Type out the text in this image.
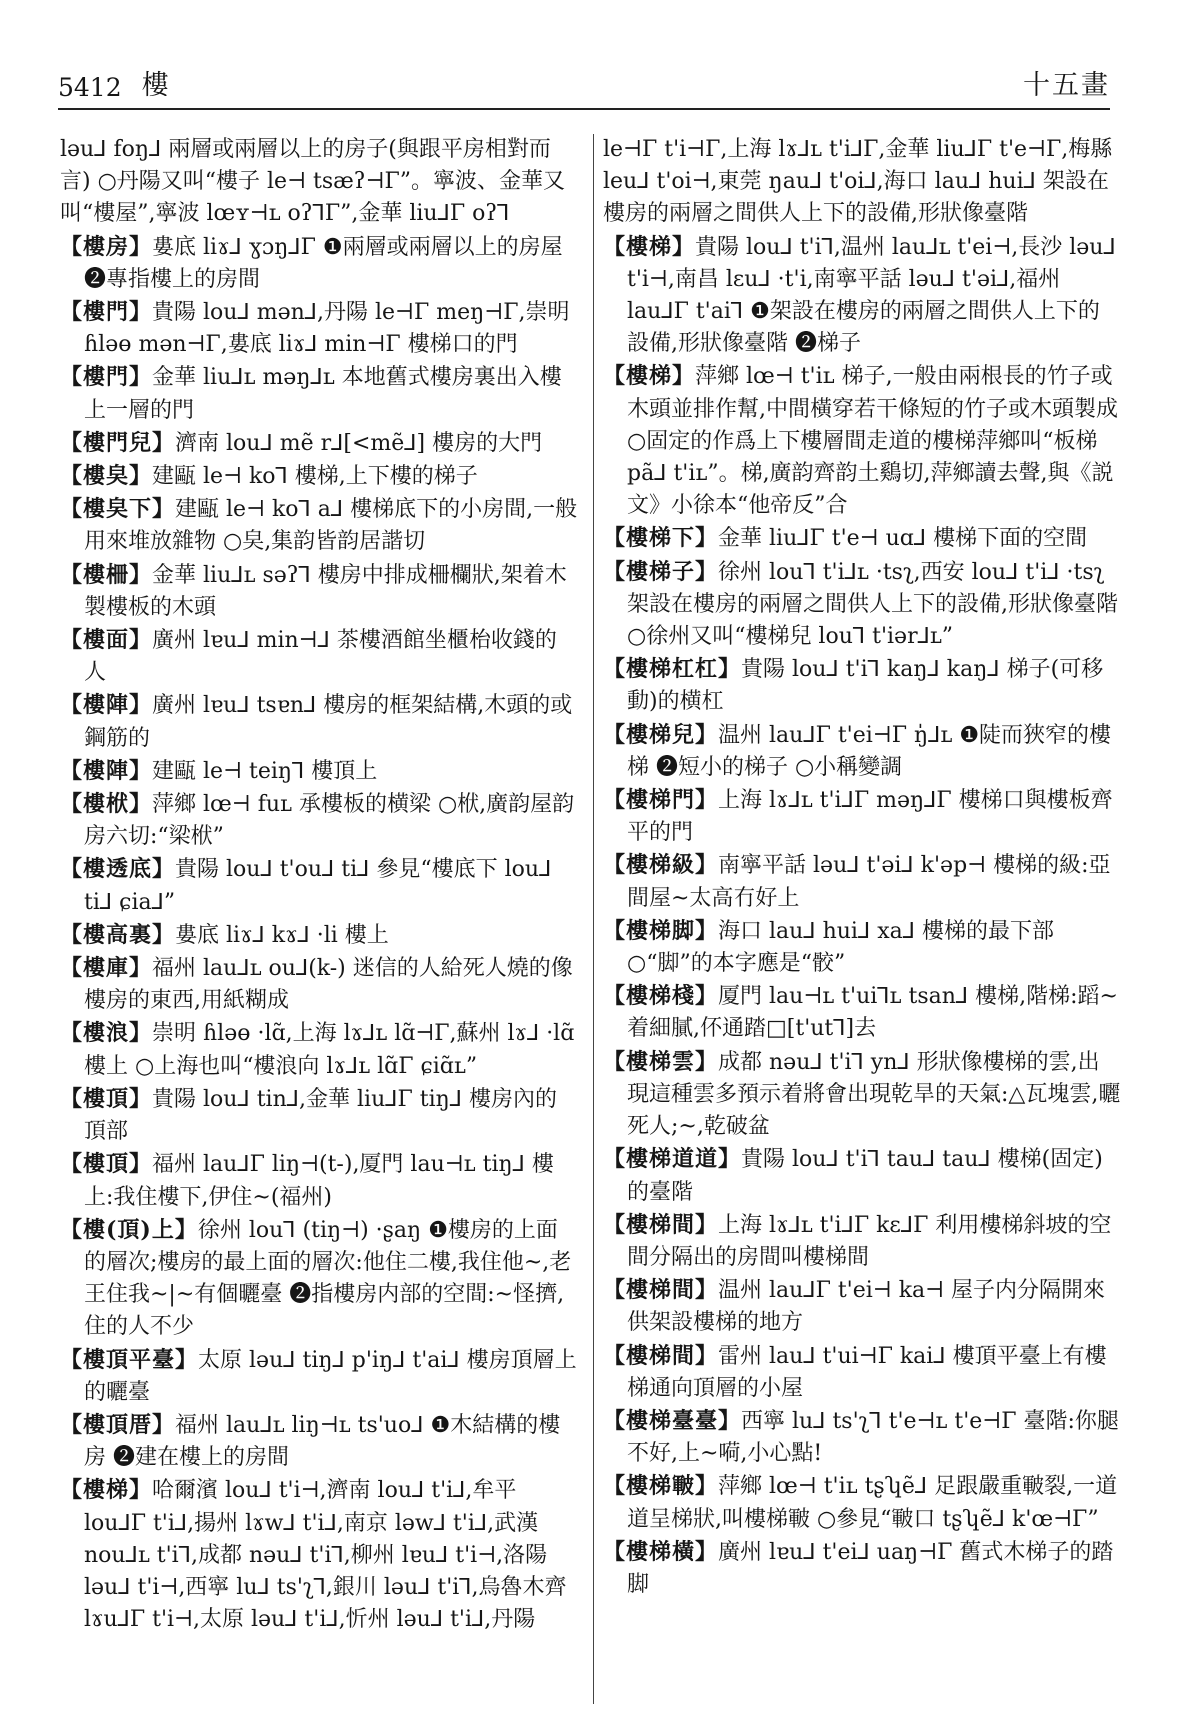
5412 樓	十五畫

ləu⅃ foŋ⅃ 兩層或兩層以上的房子(與跟平房相對而言) ○丹陽又叫“樓子 le⊣ tsæʔ⊣Γ”。寧波、金華又叫“樓屋”,寧波 lœʏ⊣ʟ oʔ⅂Γ”,金華 liu⅃Γ oʔ⅂

【樓房】婁底 liɤ⅃ ɣɔŋ⅃Γ ❶兩層或兩層以上的房屋 ❷專指樓上的房間

【樓門】貴陽 lou⅃ mən⅃,丹陽 le⊣Γ meŋ⊣Γ,崇明 ɦləɵ mən⊣Γ,婁底 liɤ⅃ min⊣Γ 樓梯口的門

【樓門】金華 liu⅃ʟ məŋ⅃ʟ 本地舊式樓房裏出入樓上一層的門

【樓門兒】濟南 lou⅃ mẽ r⅃[<mẽ⅃] 樓房的大門

【樓㚖】建甌 le⊣ ko⅂ 樓梯,上下樓的梯子

【樓㚖下】建甌 le⊣ ko⅂ a⅃ 樓梯底下的小房間,一般用來堆放雜物 ○㚖,集韵皆韵居諧切

【樓柵】金華 liu⅃ʟ səʔ⅂ 樓房中排成柵欄狀,架着木製樓板的木頭

【樓面】廣州 lɐu⅃ min⊣⅃ 茶樓酒館坐櫃枱收錢的人

【樓陣】廣州 lɐu⅃ tsɐn⅃ 樓房的框架結構,木頭的或鋼筋的

【樓陣】建甌 le⊣ teiŋ⅂ 樓頂上

【樓栿】萍鄉 lœ⊣ fuʟ 承樓板的横梁 ○栿,廣韵屋韵房六切:“梁栿”

【樓透底】貴陽 lou⅃ t'ou⅃ ti⅃ 參見“樓底下 lou⅃ ti⅃ ɕia⅃”

【樓高裏】婁底 liɤ⅃ kɤ⅃ ·li 樓上

【樓庫】福州 lau⅃ʟ ou⅃(k-) 迷信的人給死人燒的像樓房的東西,用紙糊成

【樓浪】崇明 ɦləɵ ·lɑ̃,上海 lɤ⅃ʟ lɑ̃⊣Γ,蘇州 lɤ⅃ ·lɑ̃ 樓上 ○上海也叫“樓浪向 lɤ⅃ʟ lɑ̃Γ ɕiɑ̃ʟ”

【樓頂】貴陽 lou⅃ tin⅃,金華 liu⅃Γ tiŋ⅃ 樓房內的頂部

【樓頂】福州 lau⅃Γ liŋ⊣(t-),厦門 lau⊣ʟ tiŋ⅃ 樓上:我住樓下,伊住~(福州)

【樓(頂)上】徐州 lou⅂ (tiŋ⊣) ·ʂaŋ ❶樓房的上面的層次;樓房的最上面的層次:他住二樓,我住他~,老王住我~|~有個曬臺 ❷指樓房内部的空間:~怪擠,住的人不少

【樓頂平臺】太原 ləu⅃ tiŋ⅃ p'iŋ⅃ t'ai⅃ 樓房頂層上的曬臺

【樓頂厝】福州 lau⅃ʟ liŋ⊣ʟ ts'uo⅃ ❶木結構的樓房 ❷建在樓上的房間

【樓梯】哈爾濱 lou⅃ t'i⊣,濟南 lou⅃ t'i⅃,牟平 lou⅃Γ t'i⅃,揚州 lɤw⅃ t'i⅃,南京 ləw⅃ t'i⅃,武漢 nou⅃ʟ t'i⅂,成都 nəu⅃ t'i⅂,柳州 lɐu⅃ t'i⊣,洛陽 ləu⅃ t'i⊣,西寧 lu⅃ ts'ʅ⅂,銀川 ləu⅃ t'i⅂,烏魯木齊 lɤu⅃Γ t'i⊣,太原 ləu⅃ t'i⅃,忻州 ləu⅃ t'i⅃,丹陽

le⊣Γ t'i⊣Γ,上海 lɤ⅃ʟ t'i⅃Γ,金華 liu⅃Γ t'e⊣Γ,梅縣 leu⅃ t'oi⊣,東莞 ŋau⅃ t'oi⅃,海口 lau⅃ hui⅃ 架設在樓房的兩層之間供人上下的設備,形狀像臺階

【樓梯】貴陽 lou⅃ t'i⅂,温州 lau⅃ʟ t'ei⊣,長沙 ləu⅃ t'i⊣,南昌 lɛu⅃ ·t'i,南寧平話 ləu⅃ t'əi⅃,福州 lau⅃Γ t'ai⅂ ❶架設在樓房的兩層之間供人上下的設備,形狀像臺階 ❷梯子

【樓梯】萍鄉 lœ⊣ t'iʟ 梯子,一般由兩根長的竹子或木頭並排作幫,中間橫穿若干條短的竹子或木頭製成 ○固定的作爲上下樓層間走道的樓梯萍鄉叫“板梯 pã⅃ t'iʟ”。梯,廣韵齊韵土鷄切,萍鄉讀去聲,與《説文》小徐本“他帝反”合

【樓梯下】金華 liu⅃Γ t'e⊣ uɑ⅃ 樓梯下面的空間

【樓梯子】徐州 lou⅂ t'i⅃ʟ ·tsʅ,西安 lou⅃ t'i⅃ ·tsʅ 架設在樓房的兩層之間供人上下的設備,形狀像臺階 ○徐州又叫“樓梯兒 lou⅂ t'iər⅃ʟ”

【樓梯杠杠】貴陽 lou⅃ t'i⅂ kaŋ⅃ kaŋ⅃ 梯子(可移動)的横杠

【樓梯兒】温州 lau⅃Γ t'ei⊣Γ ŋ̍⅃ʟ ❶陡而狹窄的樓梯 ❷短小的梯子 ○小稱變調

【樓梯門】上海 lɤ⅃ʟ t'i⅃Γ məŋ⅃Γ 樓梯口與樓板齊平的門

【樓梯級】南寧平話 ləu⅃ t'əi⅃ k'əp⊣ 樓梯的級:亞間屋~太高冇好上

【樓梯脚】海口 lau⅃ hui⅃ xa⅃ 樓梯的最下部 ○“脚”的本字應是“骹”

【樓梯棧】厦門 lau⊣ʟ t'ui⅂ʟ tsan⅃ 樓梯,階梯:蹈~着細膩,伓通踏□[t'ut⅂]去

【樓梯雲】成都 nəu⅃ t'i⅂ yn⅃ 形狀像樓梯的雲,出現這種雲多預示着將會出現乾旱的天氣:△瓦塊雲,曬死人;~,乾破盆

【樓梯道道】貴陽 lou⅃ t'i⅂ tau⅃ tau⅃ 樓梯(固定)的臺階

【樓梯間】上海 lɤ⅃ʟ t'i⅃Γ kɛ⅃Γ 利用樓梯斜坡的空間分隔出的房間叫樓梯間

【樓梯間】温州 lau⅃Γ t'ei⊣ ka⊣ 屋子内分隔開來供架設樓梯的地方

【樓梯間】雷州 lau⅃ t'ui⊣Γ kai⅃ 樓頂平臺上有樓梯通向頂層的小屋

【樓梯臺臺】西寧 lu⅃ ts'ʅ⅂ t'e⊣ʟ t'e⊣Γ 臺階:你腿不好,上~嗬,小心點!

【樓梯皸】萍鄉 lœ⊣ t'iʟ tʂʮẽ⅃ 足跟嚴重皸裂,一道道呈梯狀,叫樓梯皸 ○參見“皸口 tʂʮẽ⅃ k'œ⊣Γ”

【樓梯橫】廣州 lɐu⅃ t'ei⅃ uaŋ⊣Γ 舊式木梯子的踏脚
